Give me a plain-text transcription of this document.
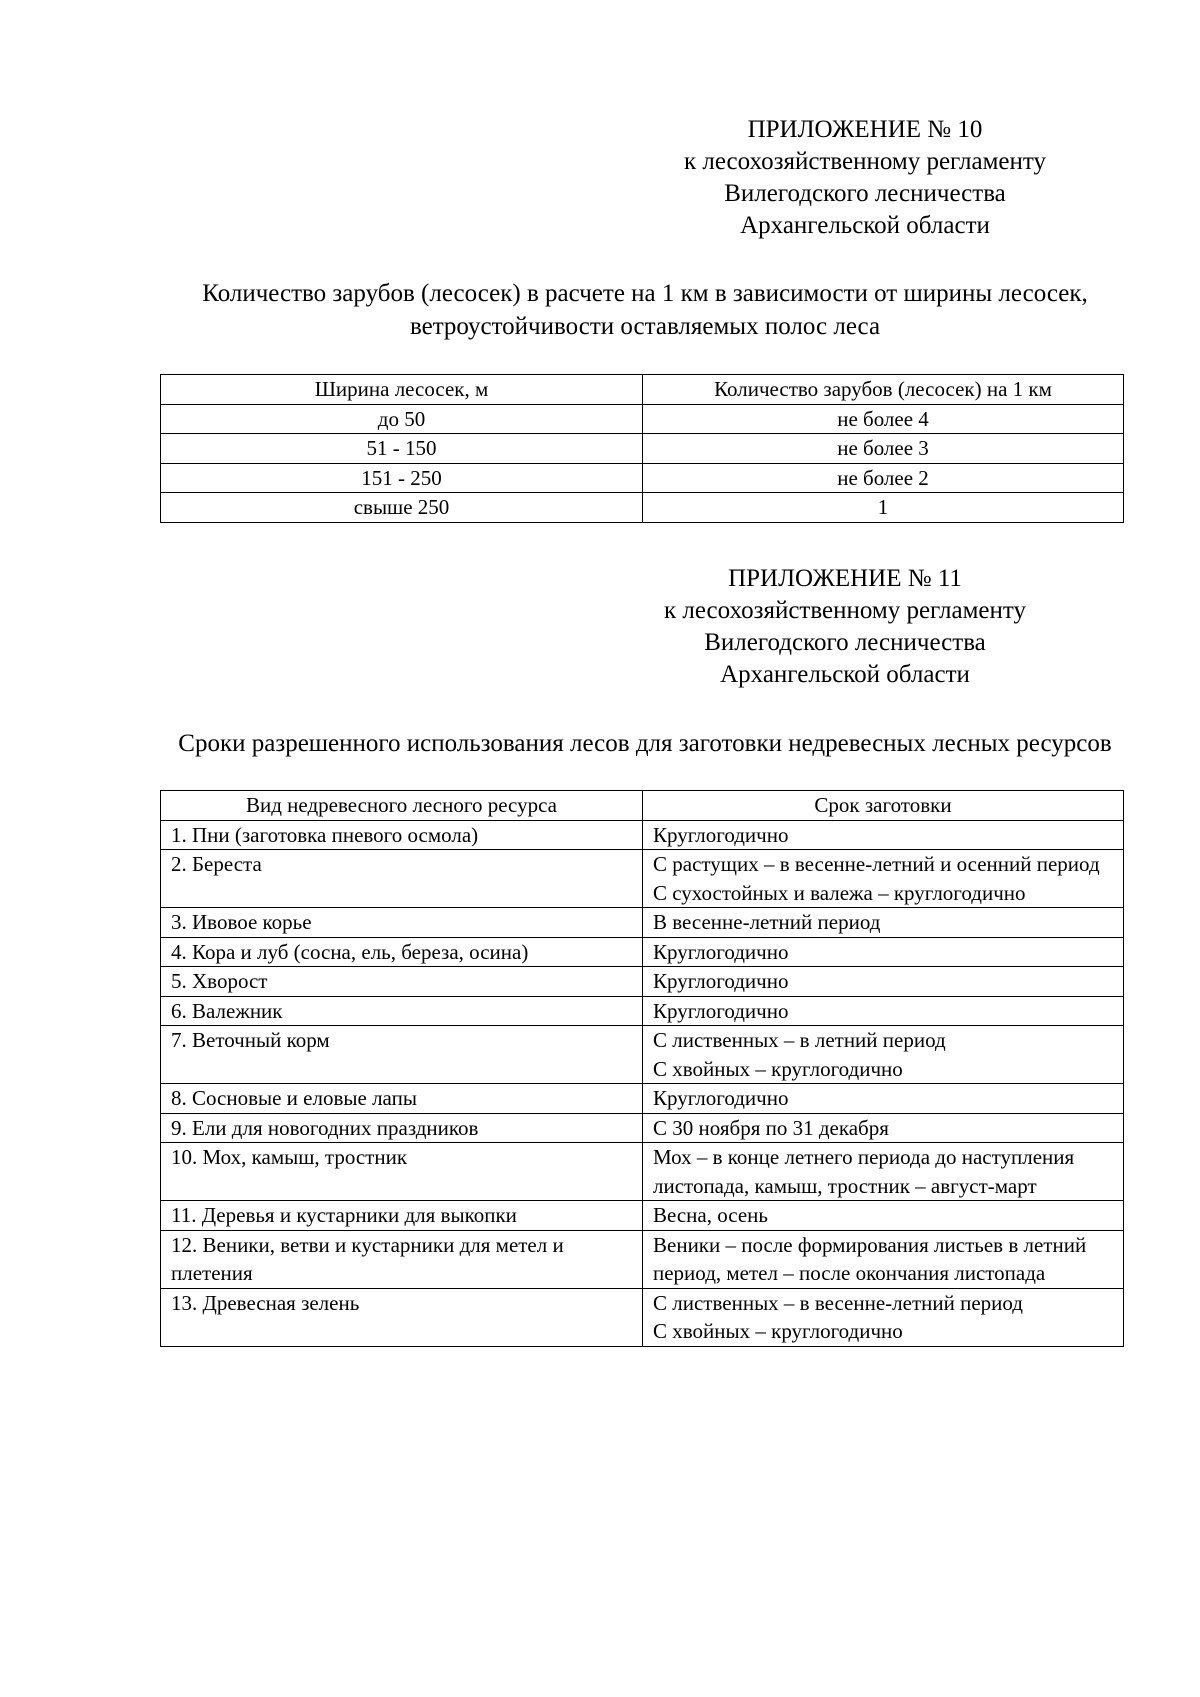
ПРИЛОЖЕНИЕ № 10
к лесохозяйственному регламенту
Вилегодского лесничества
Архангельской области
Количество зарубов (лесосек) в расчете на 1 км в зависимости от ширины лесосек, ветроустойчивости оставляемых полос леса
Ширина лесосек, м	Количество зарубов (лесосек) на 1 км
до 50	не более 4
51 - 150	не более 3
151 - 250	не более 2
свыше 250	1
ПРИЛОЖЕНИЕ № 11
к лесохозяйственному регламенту
Вилегодского лесничества
Архангельской области
Сроки разрешенного использования лесов для заготовки недревесных лесных ресурсов
Вид недревесного лесного ресурса	Срок заготовки
1. Пни (заготовка пневого осмола)	Круглогодично

2. Береста	С растущих – в весенне-летний и осенний период
С сухостойных и валежа – круглогодично

3. Ивовое корье	В весенне-летний период

4. Кора и луб (сосна, ель, береза, осина)	Круглогодично

5. Хворост	Круглогодично

6. Валежник	Круглогодично

7. Веточный корм	С лиственных – в летний период
С хвойных – круглогодично

8. Сосновые и еловые лапы	Круглогодично

9. Ели для новогодних праздников	С 30 ноября по 31 декабря

10. Мох, камыш, тростник	Мох – в конце летнего периода до наступления листопада, камыш, тростник – август-март

11. Деревья и кустарники для выкопки	Весна, осень

12. Веники, ветви и кустарники для метел и плетения	Веники – после формирования листьев в летний период, метел – после окончания листопада

13. Древесная зелень	С лиственных – в весенне-летний период
С хвойных – круглогодично
